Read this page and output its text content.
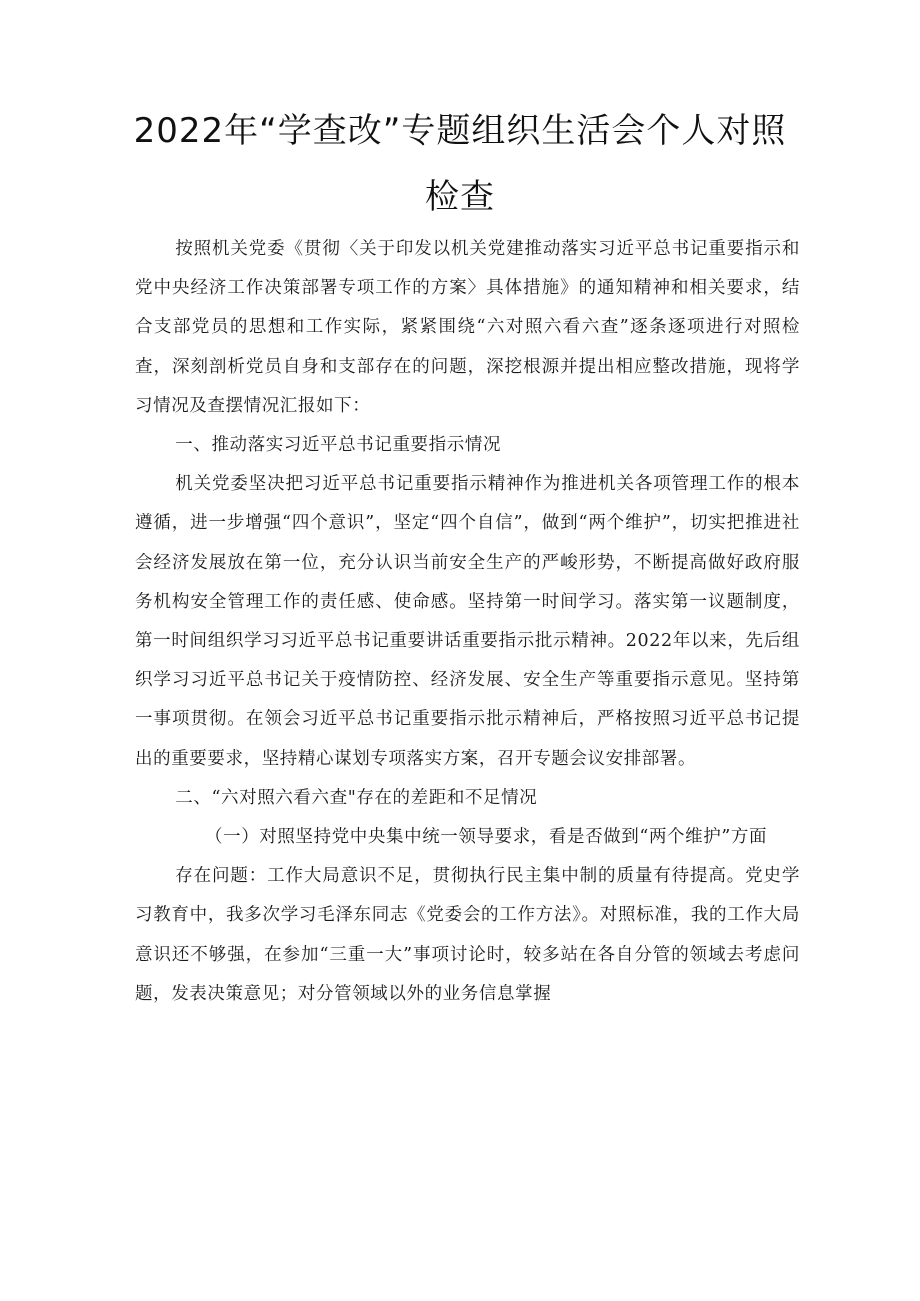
2022年“学查改”专题组织生活会个人对照检查

按照机关党委《贯彻〈关于印发以机关党建推动落实习近平总书记重要指示和党中央经济工作决策部署专项工作的方案〉具体措施》的通知精神和相关要求，结合支部党员的思想和工作实际，紧紧围绕“六对照六看六查”逐条逐项进行对照检查，深刻剖析党员自身和支部存在的问题，深挖根源并提出相应整改措施，现将学习情况及查摆情况汇报如下：

一、推动落实习近平总书记重要指示情况

机关党委坚决把习近平总书记重要指示精神作为推进机关各项管理工作的根本遵循，进一步增强“四个意识”，坚定“四个自信”，做到“两个维护”，切实把推进社会经济发展放在第一位，充分认识当前安全生产的严峻形势，不断提高做好政府服务机构安全管理工作的责任感、使命感。坚持第一时间学习。落实第一议题制度，第一时间组织学习习近平总书记重要讲话重要指示批示精神。2022年以来，先后组织学习习近平总书记关于疫情防控、经济发展、安全生产等重要指示意见。坚持第一事项贯彻。在领会习近平总书记重要指示批示精神后，严格按照习近平总书记提出的重要要求，坚持精心谋划专项落实方案，召开专题会议安排部署。

二、“六对照六看六查"存在的差距和不足情况

（一）对照坚持党中央集中统一领导要求，看是否做到“两个维护”方面

存在问题：工作大局意识不足，贯彻执行民主集中制的质量有待提高。党史学习教育中，我多次学习毛泽东同志《党委会的工作方法》。对照标准，我的工作大局意识还不够强，在参加“三重一大”事项讨论时，较多站在各自分管的领域去考虑问题，发表决策意见；对分管领域以外的业务信息掌握
